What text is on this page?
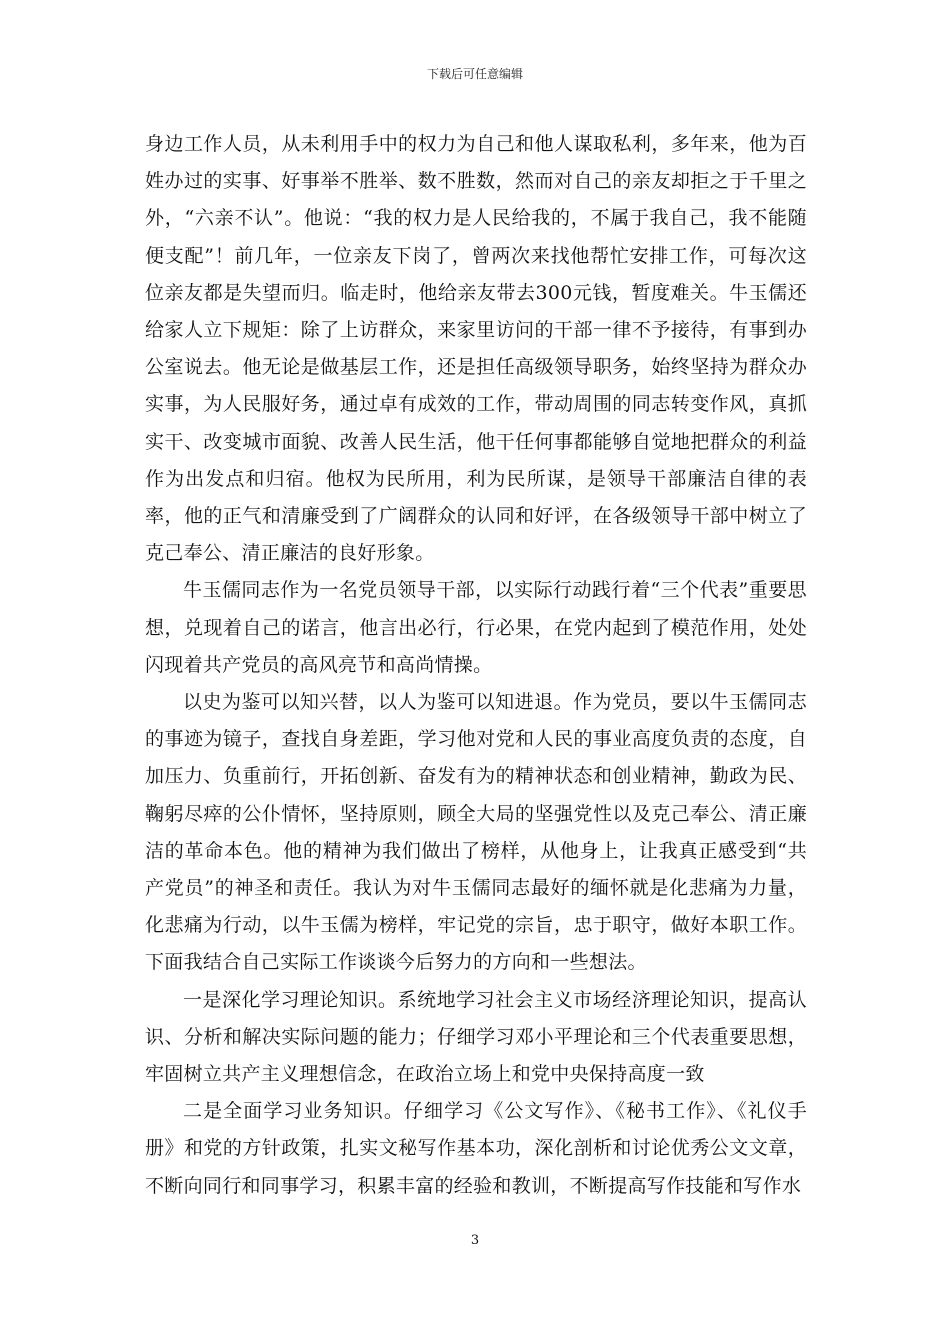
下载后可任意编辑

身边工作人员，从未利用手中的权力为自己和他人谋取私利，多年来，他为百姓办过的实事、好事举不胜举、数不胜数，然而对自己的亲友却拒之于千里之外，“六亲不认”。他说：“我的权力是人民给我的，不属于我自己，我不能随便支配”！前几年，一位亲友下岗了，曾两次来找他帮忙安排工作，可每次这位亲友都是失望而归。临走时，他给亲友带去300元钱，暂度难关。牛玉儒还给家人立下规矩：除了上访群众，来家里访问的干部一律不予接待，有事到办公室说去。他无论是做基层工作，还是担任高级领导职务，始终坚持为群众办实事，为人民服好务，通过卓有成效的工作，带动周围的同志转变作风，真抓实干、改变城市面貌、改善人民生活，他干任何事都能够自觉地把群众的利益作为出发点和归宿。他权为民所用，利为民所谋，是领导干部廉洁自律的表率，他的正气和清廉受到了广阔群众的认同和好评，在各级领导干部中树立了克己奉公、清正廉洁的良好形象。

牛玉儒同志作为一名党员领导干部，以实际行动践行着“三个代表”重要思想，兑现着自己的诺言，他言出必行，行必果，在党内起到了模范作用，处处闪现着共产党员的高风亮节和高尚情操。

以史为鉴可以知兴替，以人为鉴可以知进退。作为党员，要以牛玉儒同志的事迹为镜子，查找自身差距，学习他对党和人民的事业高度负责的态度，自加压力、负重前行，开拓创新、奋发有为的精神状态和创业精神，勤政为民、鞠躬尽瘁的公仆情怀，坚持原则，顾全大局的坚强党性以及克己奉公、清正廉洁的革命本色。他的精神为我们做出了榜样，从他身上，让我真正感受到“共产党员”的神圣和责任。我认为对牛玉儒同志最好的缅怀就是化悲痛为力量，化悲痛为行动，以牛玉儒为榜样，牢记党的宗旨，忠于职守，做好本职工作。下面我结合自己实际工作谈谈今后努力的方向和一些想法。

一是深化学习理论知识。系统地学习社会主义市场经济理论知识，提高认识、分析和解决实际问题的能力；仔细学习邓小平理论和三个代表重要思想，牢固树立共产主义理想信念，在政治立场上和党中央保持高度一致

二是全面学习业务知识。仔细学习《公文写作》、《秘书工作》、《礼仪手册》和党的方针政策，扎实文秘写作基本功，深化剖析和讨论优秀公文文章，不断向同行和同事学习，积累丰富的经验和教训，不断提高写作技能和写作水

3
